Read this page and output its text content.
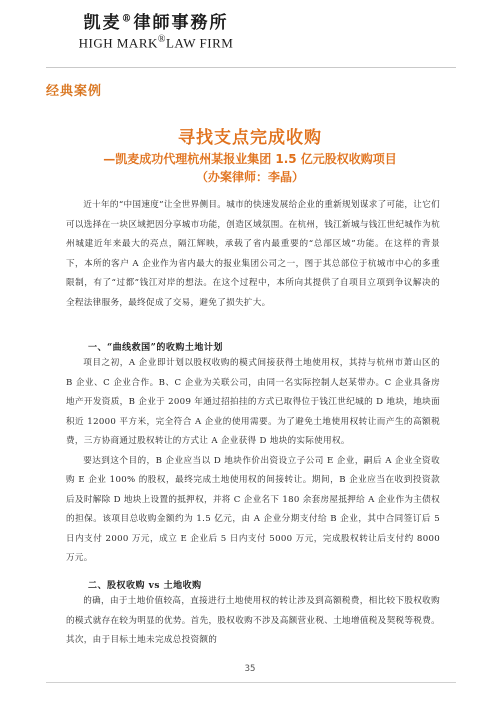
凯麦®律師事務所
HIGH MARK®LAW FIRM
经典案例
寻找支点完成收购
—凯麦成功代理杭州某报业集团 1.5 亿元股权收购项目
（办案律师：李晶）

近十年的“中国速度”让全世界侧目。城市的快速发展给企业的重新规划谋求了可能，让它们可以选择在一块区域把因分享城市功能，创造区域氛围。在杭州，钱江新城与钱江世纪城作为杭州城建近年来最大的亮点，隔江辉映，承载了省内最重要的“总部区域”功能。在这样的背景下，本所的客户 A 企业作为省内最大的报业集团公司之一，图于其总部位于杭城市中心的多重限制，有了“过都”钱江对岸的想法。在这个过程中，本所向其提供了自项目立项到争议解决的全程法律服务，最终促成了交易，避免了损失扩大。

一、“曲线救国”的收购土地计划

项目之初，A 企业即计划以股权收购的模式间接获得土地使用权，其持与杭州市萧山区的 B 企业、C 企业合作。B、C 企业为关联公司，由同一名实际控制人赵某带办。C 企业具备房地产开发资质，B 企业于 2009 年通过招拍挂的方式已取得位于钱江世纪城的 D 地块，地块面积近 12000 平方米，完全符合 A 企业的使用需要。为了避免土地使用权转让而产生的高额税费，三方协商通过股权转让的方式让 A 企业获得 D 地块的实际使用权。

要达到这个目的，B 企业应当以 D 地块作价出资设立子公司 E 企业，嗣后 A 企业全资收购 E 企业 100% 的股权，最终完成土地使用权的间接转让。期间，B 企业应当在收到投资款后及时解除 D 地块上设置的抵押权，并将 C 企业名下 180 余套房屋抵押给 A 企业作为主债权的担保。该项目总收购金额约为 1.5 亿元，由 A 企业分期支付给 B 企业，其中合同签订后 5 日内支付 2000 万元，成立 E 企业后 5 日内支付 5000 万元，完成股权转让后支付约 8000 万元。

二、股权收购 vs 土地收购

的确，由于土地价值较高，直接进行土地使用权的转让涉及到高额税费，相比较下股权收购的模式就存在较为明显的优势。首先，股权收购不涉及高额营业税、土地增值税及契税等税费。其次，由于目标土地未完成总投资额的

35
